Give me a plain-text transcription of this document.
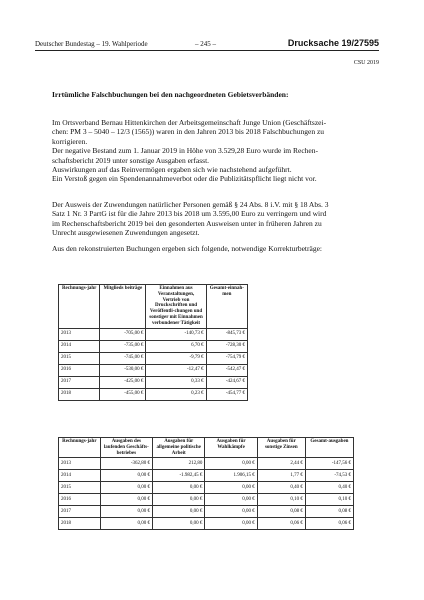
Deutscher Bundestag – 19. Wahlperiode	– 245 –	Drucksache 19/27595
CSU 2019
Irrtümliche Falschbuchungen bei den nachgeordneten Gebietsverbänden:

Im Ortsverband Bernau Hittenkirchen der Arbeitsgemeinschaft Junge Union (Geschäftszei-
chen: PM 3 – 5040 – 12/3 (1565)) waren in den Jahren 2013 bis 2018 Falschbuchungen zu
korrigieren.
Der negative Bestand zum 1. Januar 2019 in Höhe von 3.529,28 Euro wurde im Rechen-
schaftsbericht 2019 unter sonstige Ausgaben erfasst.
Auswirkungen auf das Reinvermögen ergaben sich wie nachstehend aufgeführt.
Ein Verstoß gegen ein Spendenannahmeverbot oder die Publizitätspflicht liegt nicht vor.

Der Ausweis der Zuwendungen natürlicher Personen gemäß § 24 Abs. 8 i.V. mit § 18 Abs. 3
Satz 1 Nr. 3 PartG ist für die Jahre 2013 bis 2018 um 3.595,00 Euro zu verringern und wird
im Rechenschaftsbericht 2019 bei den gesonderten Ausweisen unter in früheren Jahren zu
Unrecht ausgewiesenen Zuwendungen angesetzt.

Aus den rekonstruierten Buchungen ergeben sich folgende, notwendige Korrekturbeträge:

Rechnungs-jahr	Mitglieds beiträge	Einnahmen aus Veranstaltungen, Vertrieb von Druckschriften und Veröffentli-chungen und sonstiger mit Einnahmen verbundener Tätigkeit	Gesamt-einnah-men
2013	-705,00 €	-140,73 €	-845,73 €
2014	-735,00 €	6,70 €	-728,30 €
2015	-745,00 €	-9,79 €	-754,79 €
2016	-530,00 €	-12,47 €	-542,47 €
2017	-425,00 €	0,33 €	-424,67 €
2018	-455,00 €	0,23 €	-454,77 €
Rechnungs-jahr	Ausgaben des laufenden Geschäfts-betriebes	Ausgaben für allgemeine politische Arbeit	Ausgaben für Wahlkämpfe	Ausgaben für sonstige Zinsen	Gesamt-ausgaben
2013	-362,80 €	212,80	0,00 €	2,44 €	-147,56 €
2014	0,00 €	-1.982,45 €	1.906,15 €	1,77 €	-74,53 €
2015	0,00 €	0,00 €	0,00 €	0,40 €	0,40 €
2016	0,00 €	0,00 €	0,00 €	0,10 €	0,10 €
2017	0,00 €	0,00 €	0,00 €	0,08 €	0,08 €
2018	0,00 €	0,00 €	0,00 €	0,06 €	0,06 €
